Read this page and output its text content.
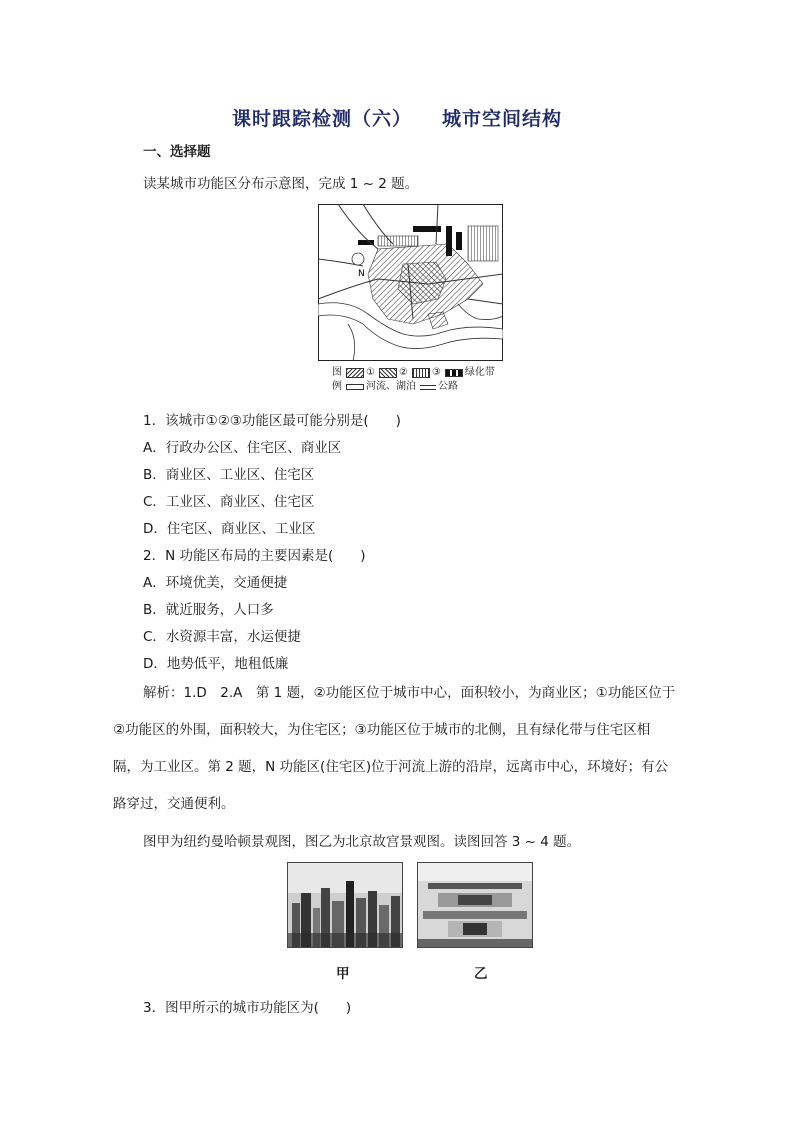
课时跟踪检测（六） 城市空间结构
一、选择题
读某城市功能区分布示意图，完成 1 ~ 2 题。
N
图 ① ② ③ 绿化带
例 河流、湖泊 公路
1．该城市①②③功能区最可能分别是(　　)
A．行政办公区、住宅区、商业区
B．商业区、工业区、住宅区
C．工业区、商业区、住宅区
D．住宅区、商业区、工业区
2．N 功能区布局的主要因素是(　　)
A．环境优美，交通便捷
B．就近服务，人口多
C．水资源丰富，水运便捷
D．地势低平，地租低廉
解析：1.D　2.A　第 1 题，②功能区位于城市中心，面积较小，为商业区；①功能区位于
②功能区的外围，面积较大，为住宅区；③功能区位于城市的北侧，且有绿化带与住宅区相
隔，为工业区。第 2 题，N 功能区(住宅区)位于河流上游的沿岸，远离市中心，环境好；有公
路穿过，交通便利。
图甲为纽约曼哈顿景观图，图乙为北京故宫景观图。读图回答 3 ~ 4 题。
甲	乙
3．图甲所示的城市功能区为(　　)
